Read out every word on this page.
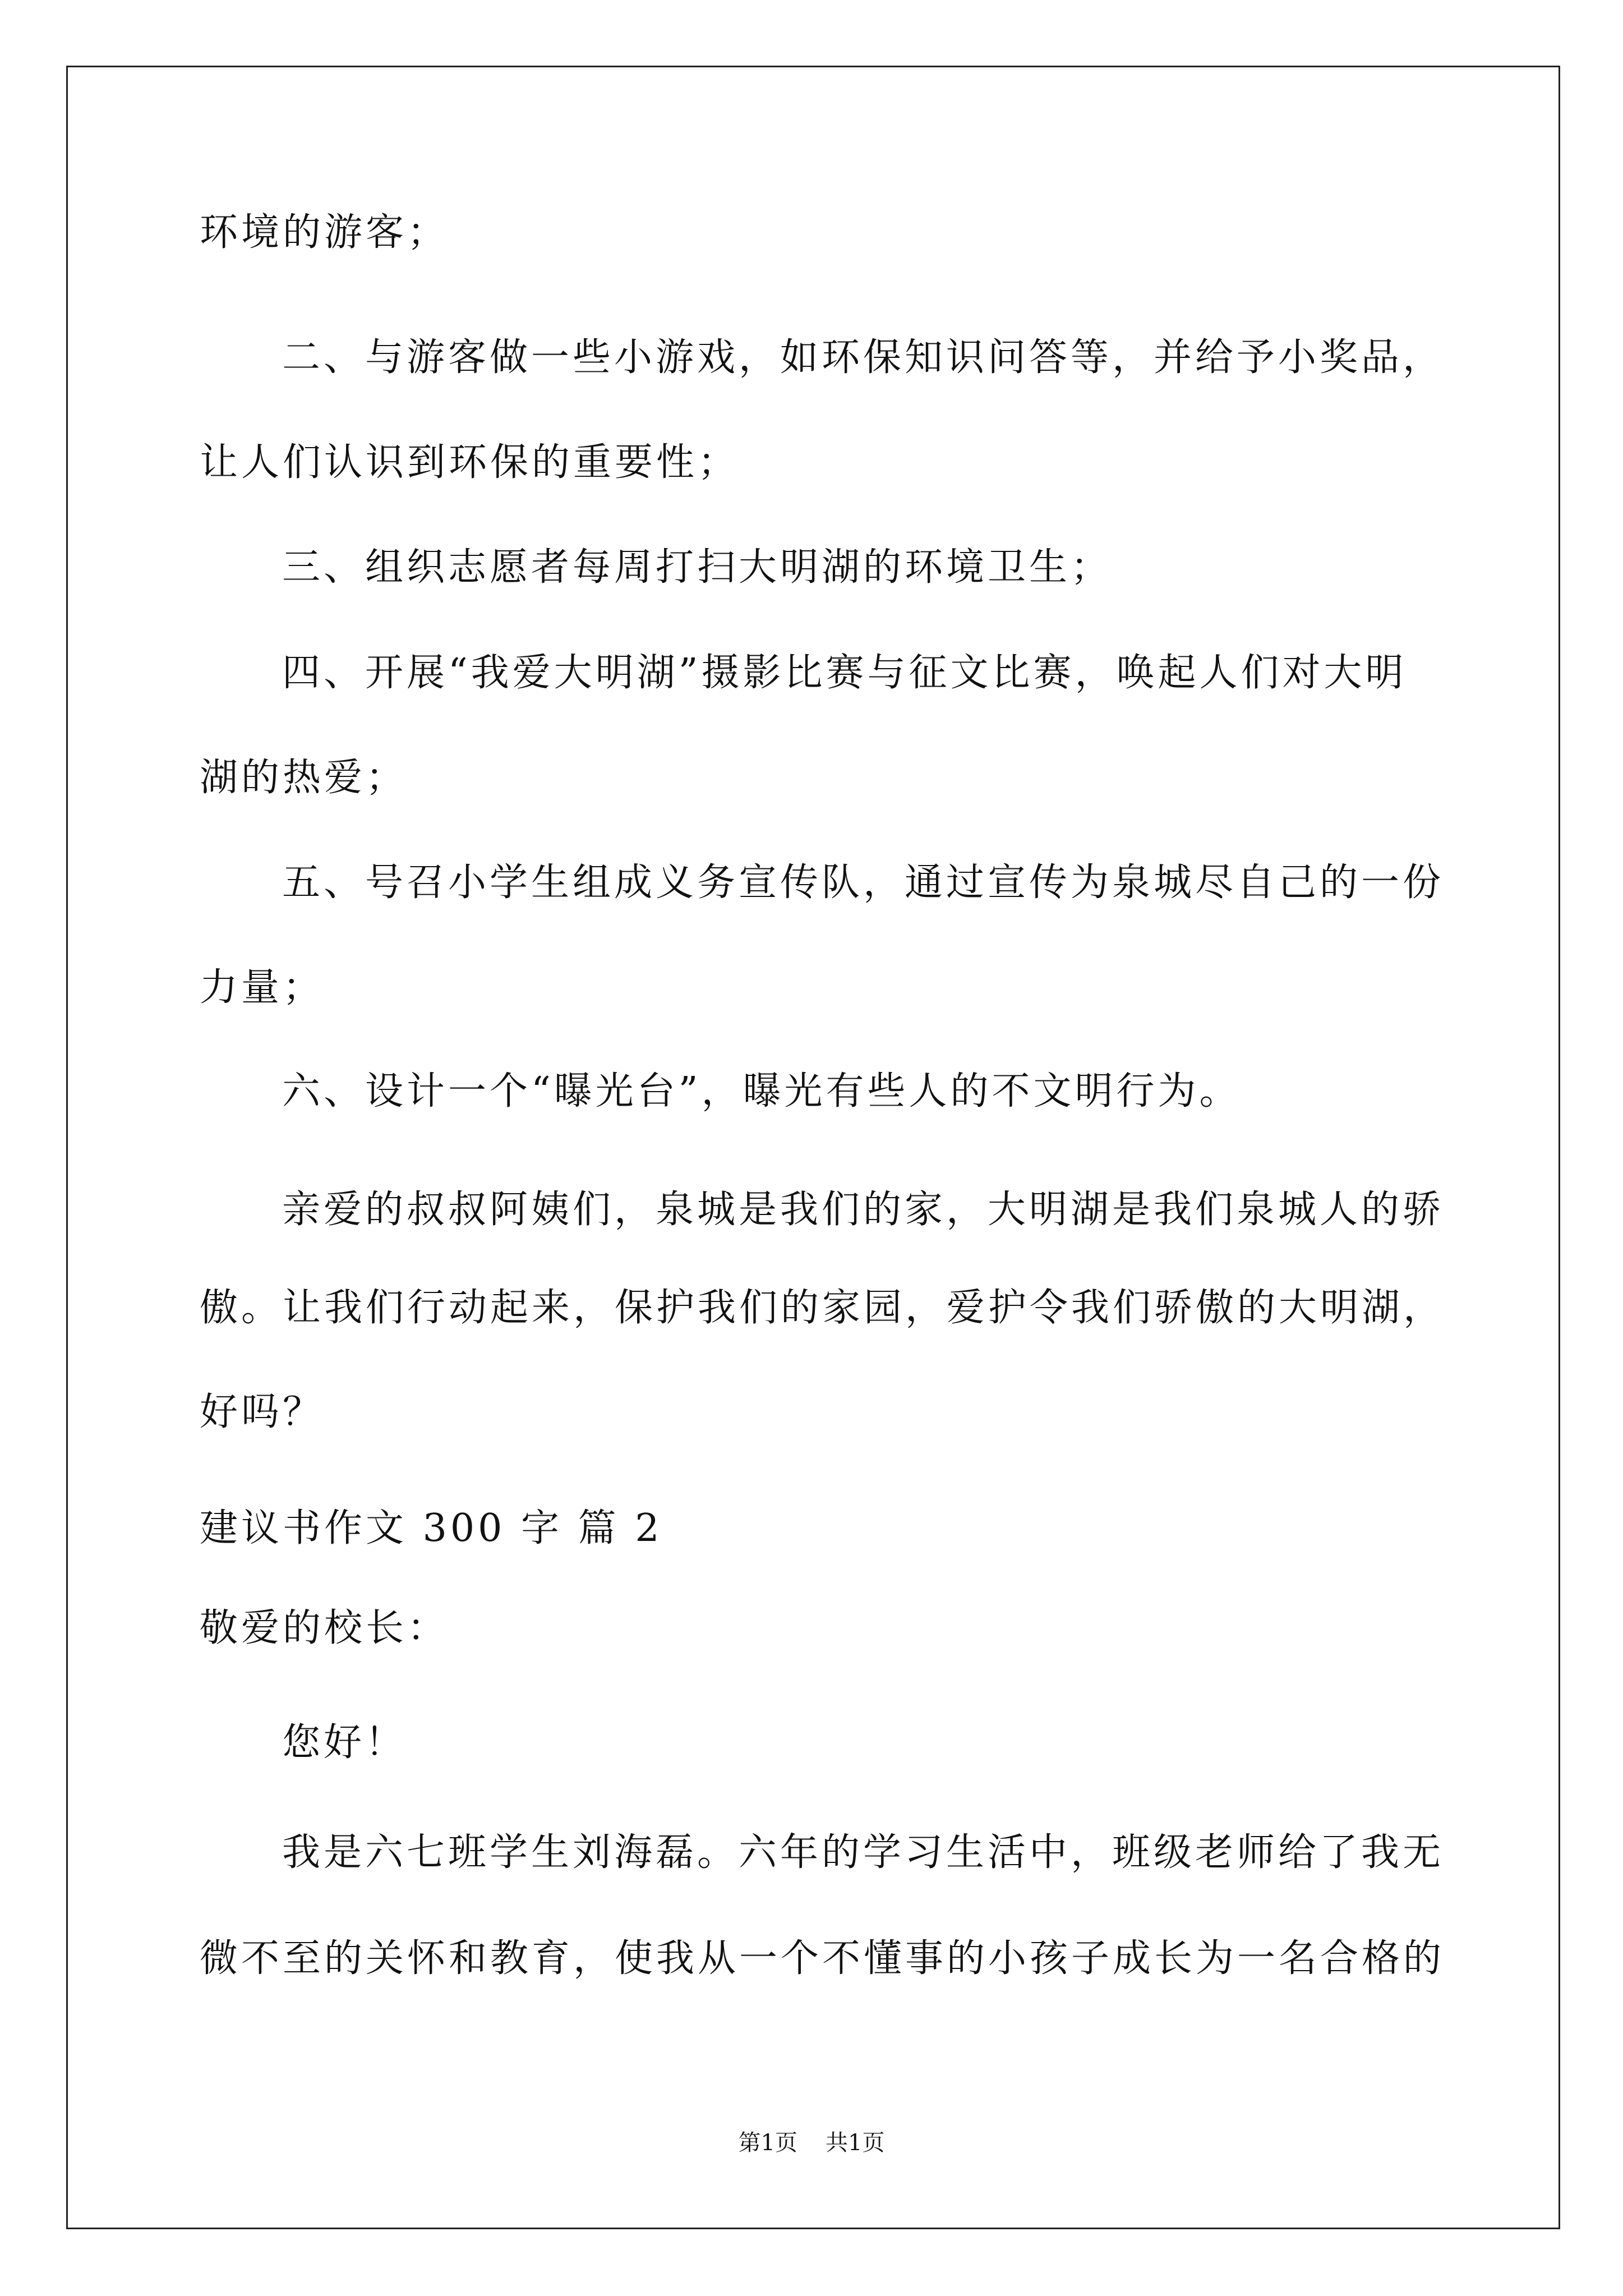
环境的游客；

二、与游客做一些小游戏，如环保知识问答等，并给予小奖品，

让人们认识到环保的重要性；

三、组织志愿者每周打扫大明湖的环境卫生；

四、开展“我爱大明湖”摄影比赛与征文比赛，唤起人们对大明

湖的热爱；

五、号召小学生组成义务宣传队，通过宣传为泉城尽自己的一份

力量；

六、设计一个“曝光台”，曝光有些人的不文明行为。

亲爱的叔叔阿姨们，泉城是我们的家，大明湖是我们泉城人的骄

傲。让我们行动起来，保护我们的家园，爱护令我们骄傲的大明湖，

好吗？

建议书作文 300 字 篇 2

敬爱的校长：

您好！

我是六七班学生刘海磊。六年的学习生活中，班级老师给了我无

微不至的关怀和教育，使我从一个不懂事的小孩子成长为一名合格的

第1页 共1页
